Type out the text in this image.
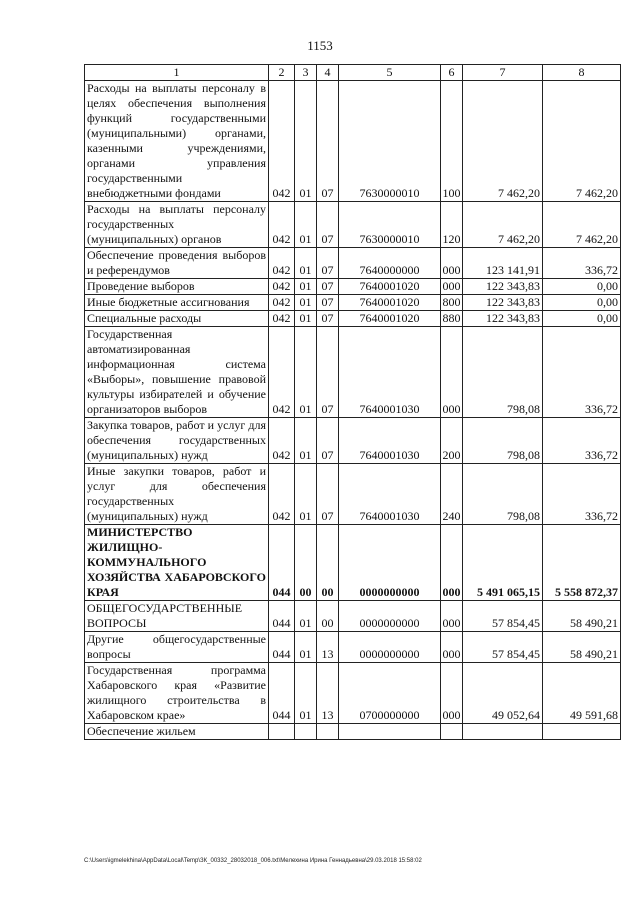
1153
1	2	3	4	5	6	7	8
Расходы на выплаты персоналу в целях обеспечения выполнения функций государственными (муниципальными) органами, казенными учреждениями, органами управления государственными внебюджетными фондами	042	01	07	7630000010	100	7 462,20	7 462,20
Расходы на выплаты персоналу государственных (муниципальных) органов	042	01	07	7630000010	120	7 462,20	7 462,20
Обеспечение проведения выборов и референдумов	042	01	07	7640000000	000	123 141,91	336,72
Проведение выборов	042	01	07	7640001020	000	122 343,83	0,00
Иные бюджетные ассигнования	042	01	07	7640001020	800	122 343,83	0,00
Специальные расходы	042	01	07	7640001020	880	122 343,83	0,00
Государственная автоматизированная информационная система «Выборы», повышение правовой культуры избирателей и обучение организаторов выборов	042	01	07	7640001030	000	798,08	336,72
Закупка товаров, работ и услуг для обеспечения государственных (муниципальных) нужд	042	01	07	7640001030	200	798,08	336,72
Иные закупки товаров, работ и услуг для обеспечения государственных (муниципальных) нужд	042	01	07	7640001030	240	798,08	336,72
МИНИСТЕРСТВО ЖИЛИЩНО-КОММУНАЛЬНОГО ХОЗЯЙСТВА ХАБАРОВСКОГО КРАЯ	044	00	00	0000000000	000	5 491 065,15	5 558 872,37
ОБЩЕГОСУДАРСТВЕННЫЕ ВОПРОСЫ	044	01	00	0000000000	000	57 854,45	58 490,21
Другие общегосударственные вопросы	044	01	13	0000000000	000	57 854,45	58 490,21
Государственная программа Хабаровского края «Развитие жилищного строительства в Хабаровском крае»	044	01	13	0700000000	000	49 052,64	49 591,68
Обеспечение жильем							
C:\Users\igmelekhina\AppData\Local\Temp\ЗК_00332_28032018_006.txt\Мелехина Ирина Геннадьевна\29.03.2018 15:58:02
